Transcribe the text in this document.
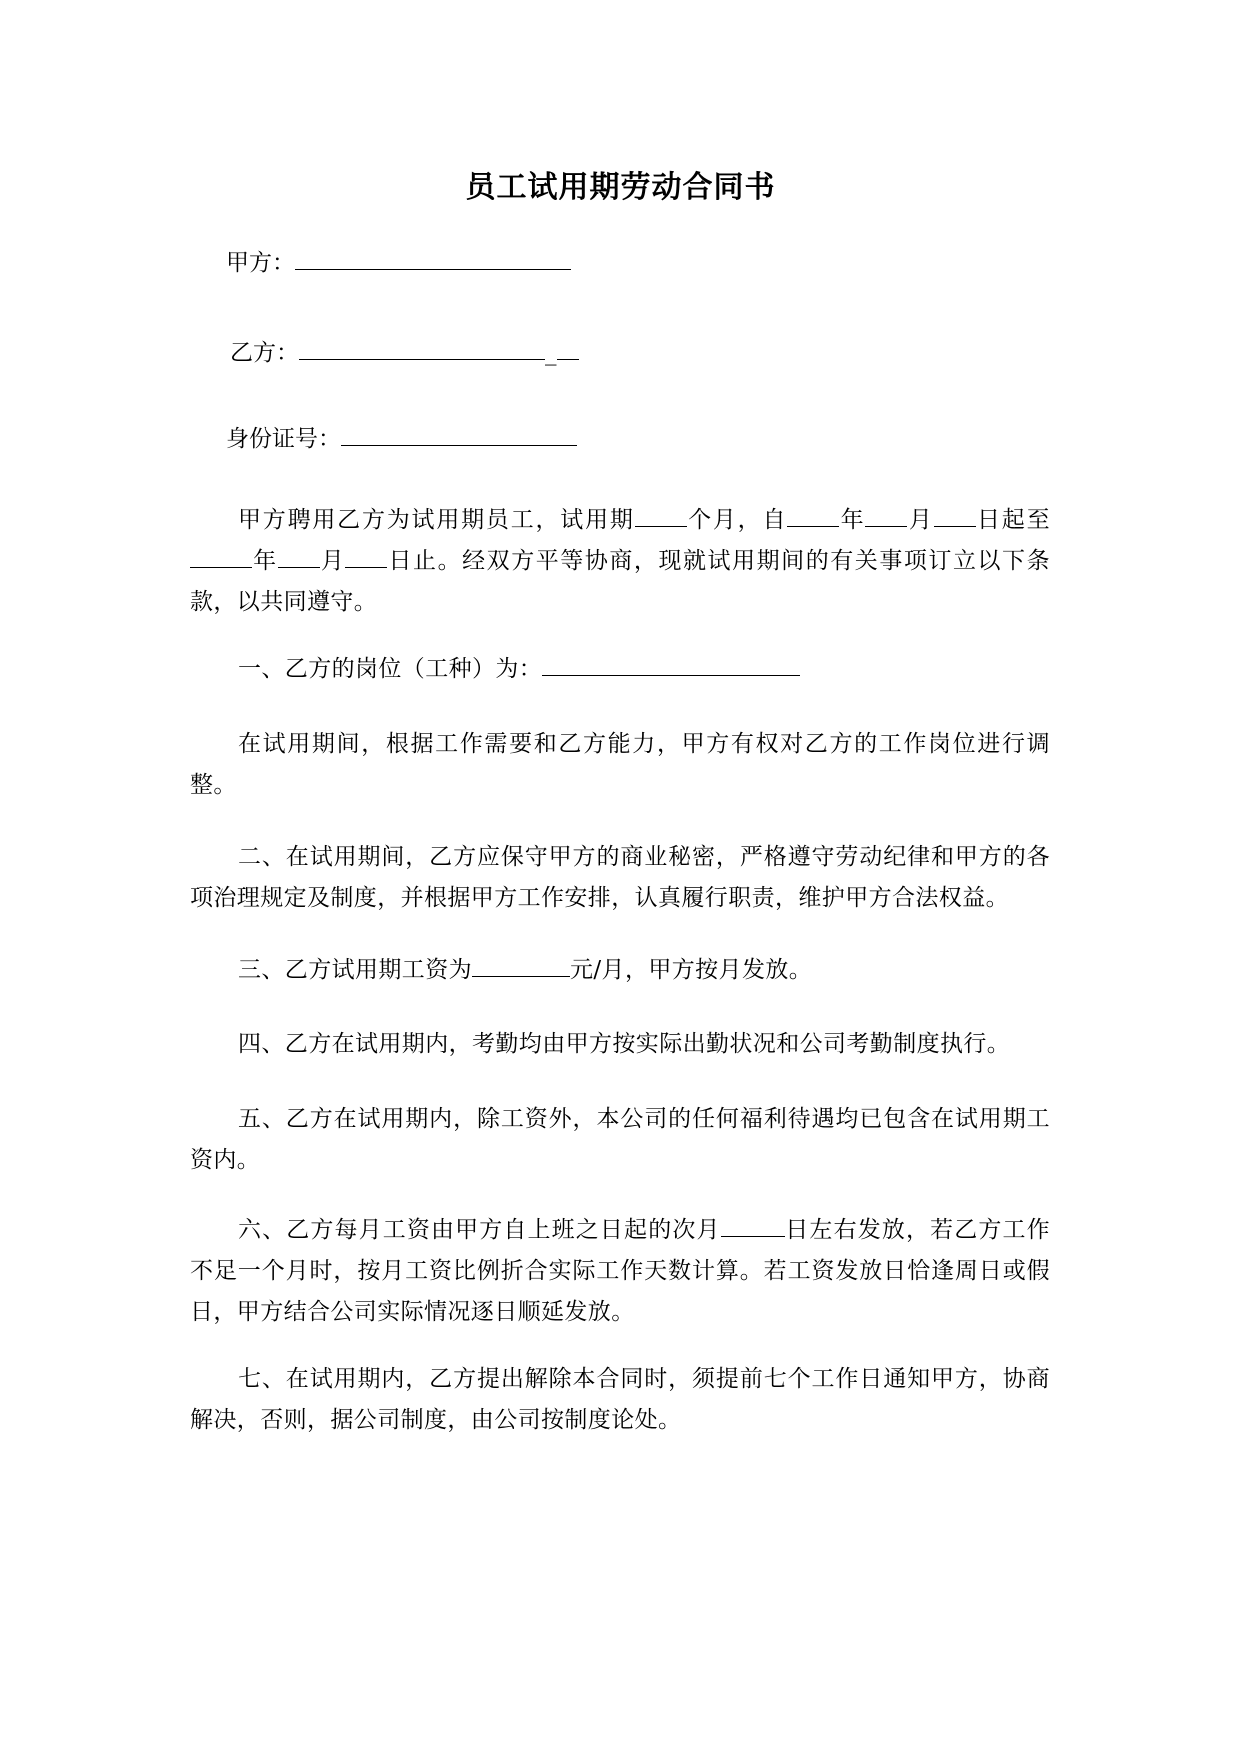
员工试用期劳动合同书
甲方：
乙方：	_
身份证号：
甲方聘用乙方为试用期员工，试用期 个月，自 年 月 日起至年 月 日止。经双方平等协商，现就试用期间的有关事项订立以下条款，以共同遵守。
一、乙方的岗位（工种）为：
在试用期间，根据工作需要和乙方能力，甲方有权对乙方的工作岗位进行调整。
二、在试用期间，乙方应保守甲方的商业秘密，严格遵守劳动纪律和甲方的各项治理规定及制度，并根据甲方工作安排，认真履行职责，维护甲方合法权益。
三、乙方试用期工资为	元/月，甲方按月发放。
四、乙方在试用期内，考勤均由甲方按实际出勤状况和公司考勤制度执行。
五、乙方在试用期内，除工资外，本公司的任何福利待遇均已包含在试用期工资内。
六、乙方每月工资由甲方自上班之日起的次月	日左右发放，若乙方工作不足一个月时，按月工资比例折合实际工作天数计算。若工资发放日恰逢周日或假日，甲方结合公司实际情况逐日顺延发放。
七、在试用期内，乙方提出解除本合同时，须提前七个工作日通知甲方，协商解决，否则，据公司制度，由公司按制度论处。
